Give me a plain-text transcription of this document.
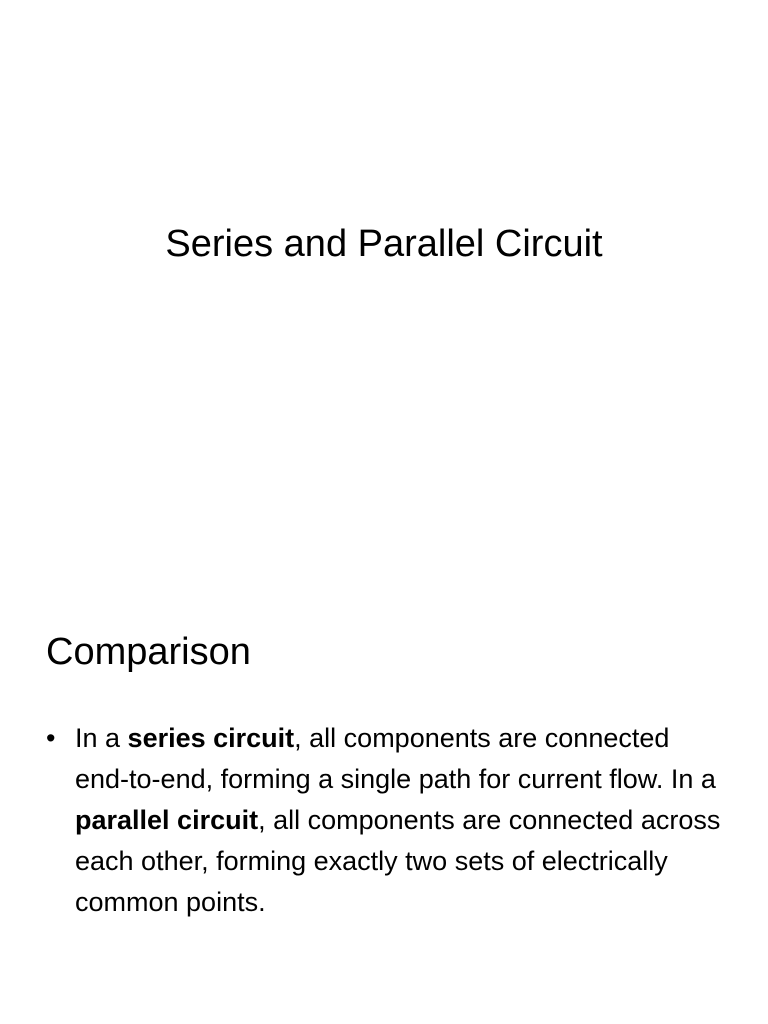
Series and Parallel Circuit
Comparison
• In a series circuit, all components are connected end-to-end, forming a single path for current flow. In a parallel circuit, all components are connected across each other, forming exactly two sets of electrically common points.
